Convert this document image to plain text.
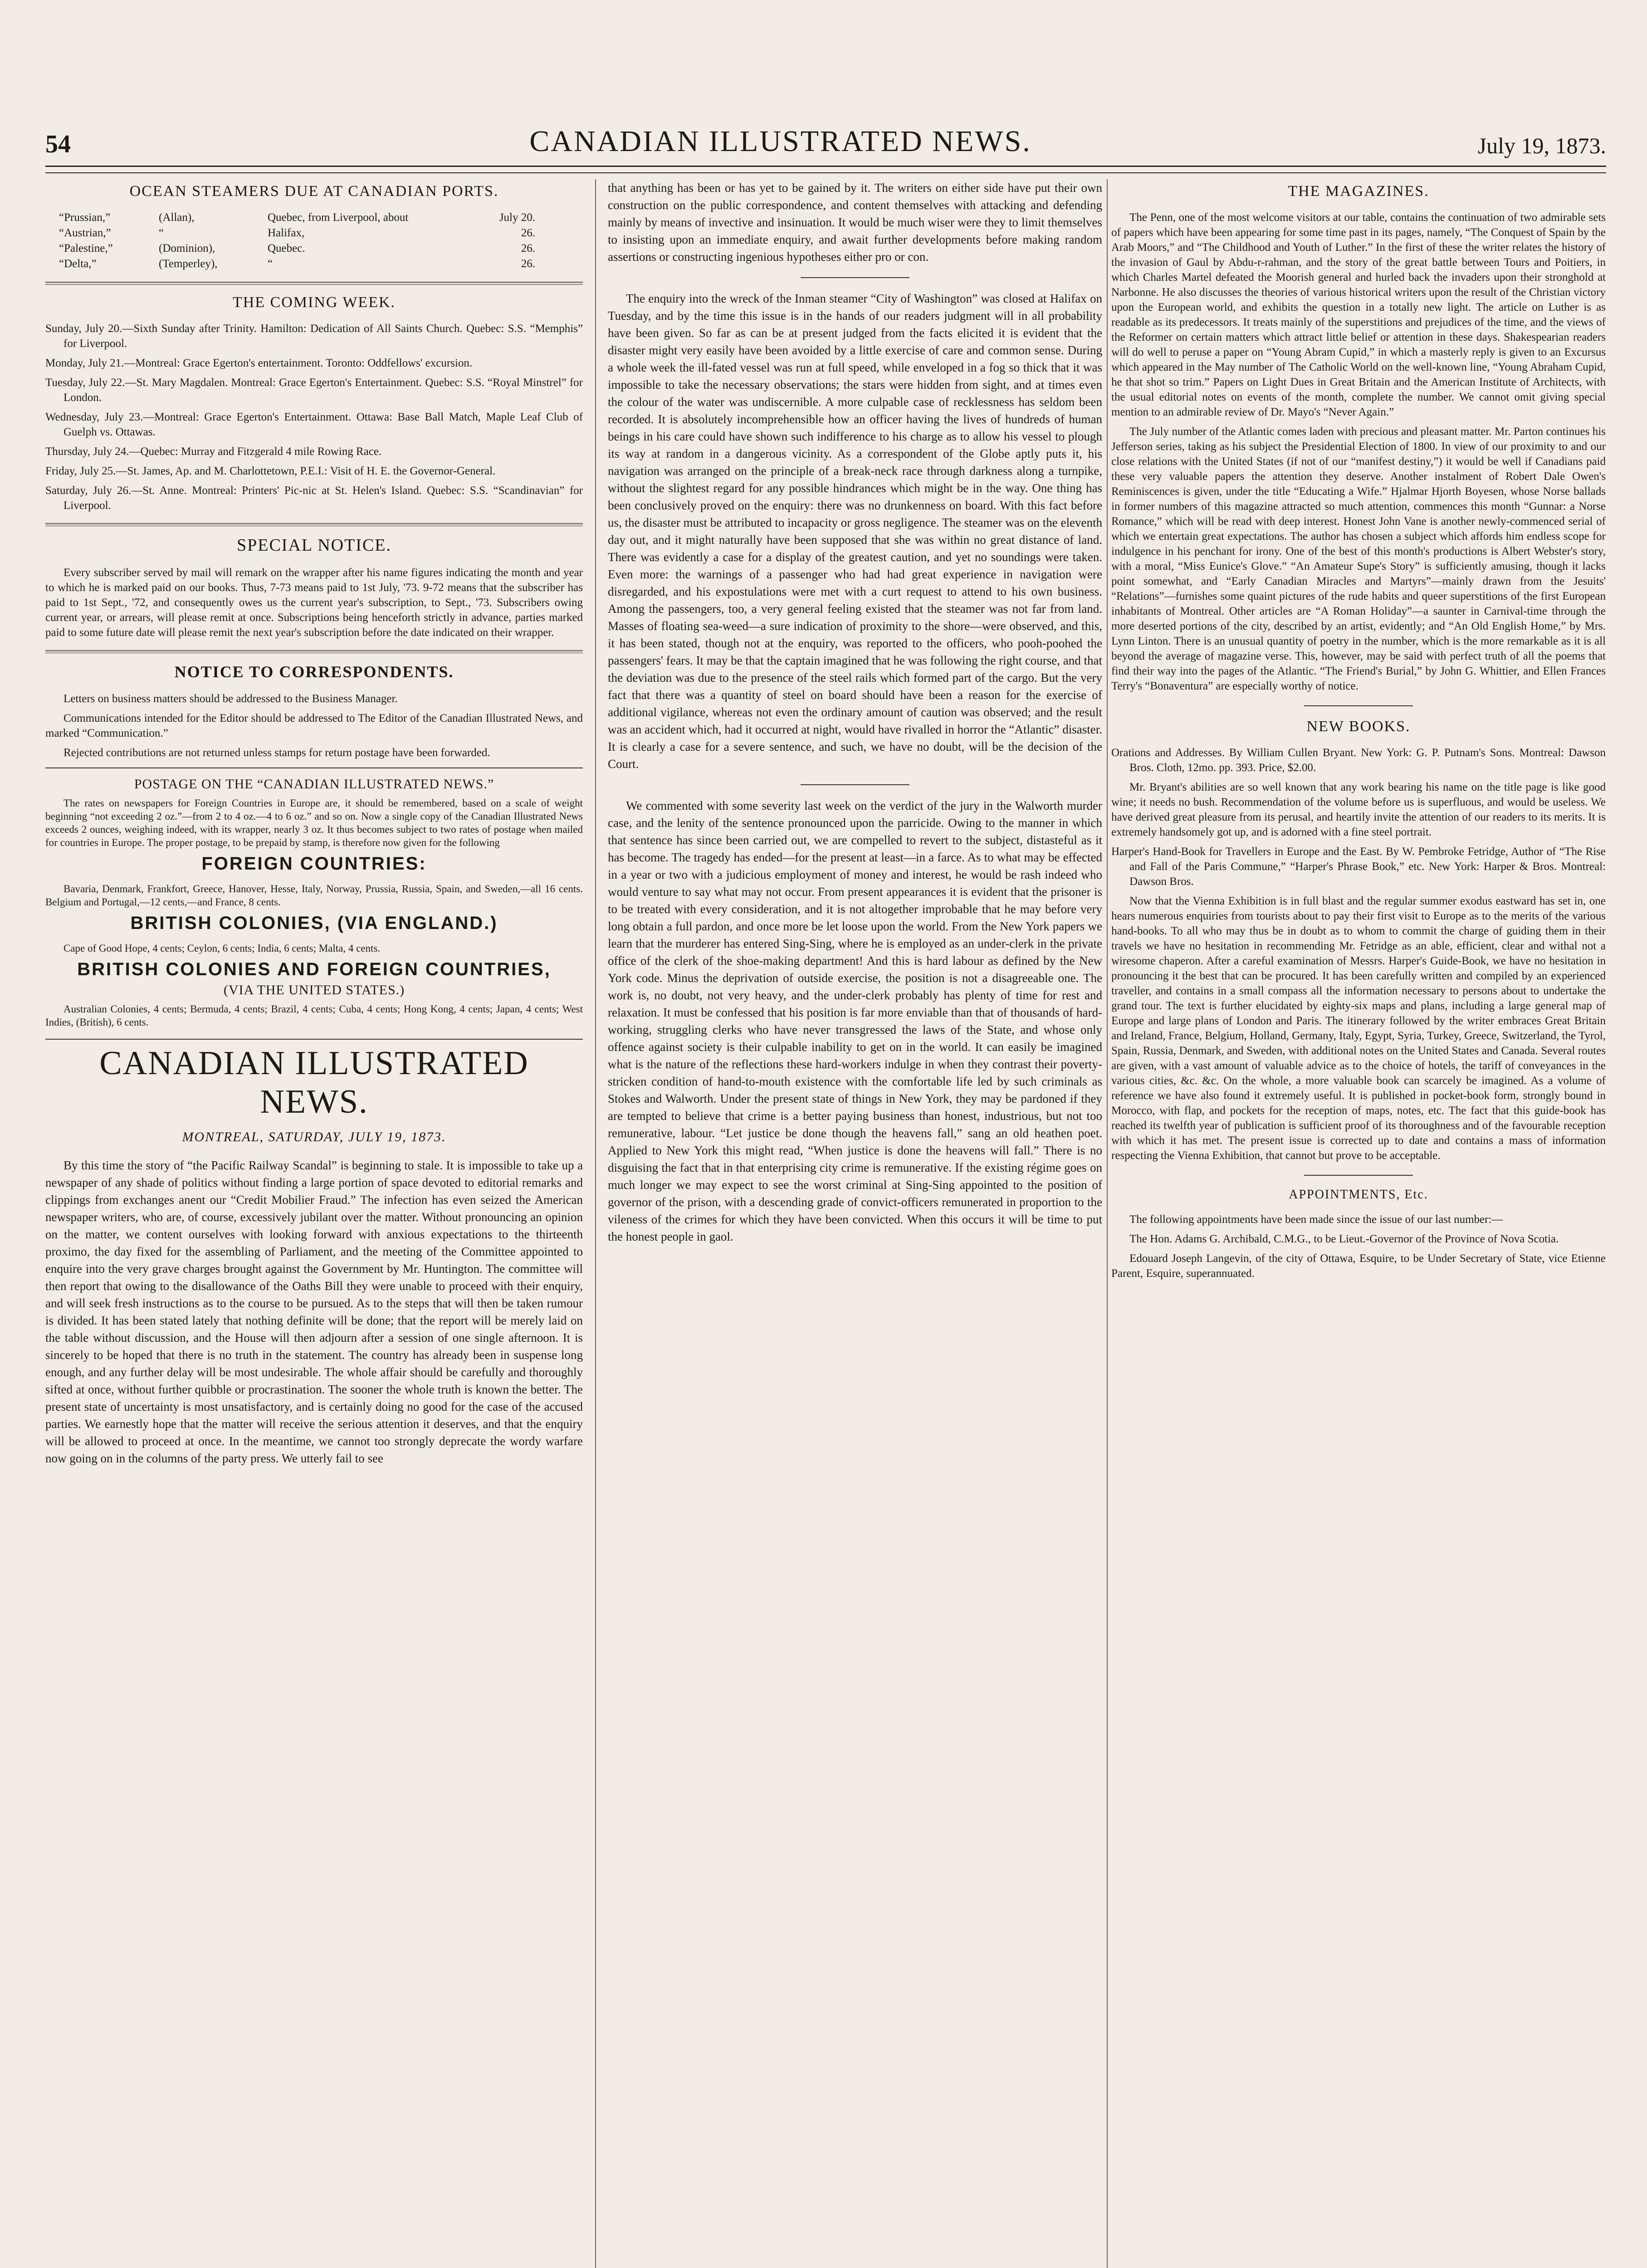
54	CANADIAN ILLUSTRATED NEWS.	July 19, 1873.
OCEAN STEAMERS DUE AT CANADIAN PORTS.
“Prussian,”	(Allan),	Quebec, from Liverpool, about	July 20.
“Austrian,”	“	Halifax,	26.
“Palestine,”	(Dominion),	Quebec.	26.
“Delta,”	(Temperley),	“	26.
THE COMING WEEK.

Sunday, July 20.—Sixth Sunday after Trinity. Hamilton: Dedication of All Saints Church. Quebec: S.S. “Memphis” for Liverpool.

Monday, July 21.—Montreal: Grace Egerton's entertainment. Toronto: Oddfellows' excursion.

Tuesday, July 22.—St. Mary Magdalen. Montreal: Grace Egerton's Entertainment. Quebec: S.S. “Royal Minstrel” for London.

Wednesday, July 23.—Montreal: Grace Egerton's Entertainment. Ottawa: Base Ball Match, Maple Leaf Club of Guelph vs. Ottawas.

Thursday, July 24.—Quebec: Murray and Fitzgerald 4 mile Rowing Race.

Friday, July 25.—St. James, Ap. and M. Charlottetown, P.E.I.: Visit of H. E. the Governor-General.

Saturday, July 26.—St. Anne. Montreal: Printers' Pic-nic at St. Helen's Island. Quebec: S.S. “Scandinavian” for Liverpool.

SPECIAL NOTICE.

Every subscriber served by mail will remark on the wrapper after his name figures indicating the month and year to which he is marked paid on our books. Thus, 7-73 means paid to 1st July, '73. 9-72 means that the subscriber has paid to 1st Sept., '72, and consequently owes us the current year's subscription, to Sept., '73. Subscribers owing current year, or arrears, will please remit at once. Subscriptions being henceforth strictly in advance, parties marked paid to some future date will please remit the next year's subscription before the date indicated on their wrapper.

NOTICE TO CORRESPONDENTS.

Letters on business matters should be addressed to the Business Manager.

Communications intended for the Editor should be addressed to The Editor of the Canadian Illustrated News, and marked “Communication.”

Rejected contributions are not returned unless stamps for return postage have been forwarded.

POSTAGE ON THE “CANADIAN ILLUSTRATED NEWS.”

The rates on newspapers for Foreign Countries in Europe are, it should be remembered, based on a scale of weight beginning “not exceeding 2 oz.”—from 2 to 4 oz.—4 to 6 oz.” and so on. Now a single copy of the Canadian Illustrated News exceeds 2 ounces, weighing indeed, with its wrapper, nearly 3 oz. It thus becomes subject to two rates of postage when mailed for countries in Europe. The proper postage, to be prepaid by stamp, is therefore now given for the following

FOREIGN COUNTRIES:

Bavaria, Denmark, Frankfort, Greece, Hanover, Hesse, Italy, Norway, Prussia, Russia, Spain, and Sweden,—all 16 cents. Belgium and Portugal,—12 cents,—and France, 8 cents.

BRITISH COLONIES, (VIA ENGLAND.)

Cape of Good Hope, 4 cents; Ceylon, 6 cents; India, 6 cents; Malta, 4 cents.

BRITISH COLONIES AND FOREIGN COUNTRIES,
(VIA THE UNITED STATES.)

Australian Colonies, 4 cents; Bermuda, 4 cents; Brazil, 4 cents; Cuba, 4 cents; Hong Kong, 4 cents; Japan, 4 cents; West Indies, (British), 6 cents.

CANADIAN ILLUSTRATED NEWS.
MONTREAL, SATURDAY, JULY 19, 1873.

By this time the story of “the Pacific Railway Scandal” is beginning to stale. It is impossible to take up a newspaper of any shade of politics without finding a large portion of space devoted to editorial remarks and clippings from exchanges anent our “Credit Mobilier Fraud.” The infection has even seized the American newspaper writers, who are, of course, excessively jubilant over the matter. Without pronouncing an opinion on the matter, we content ourselves with looking forward with anxious expectations to the thirteenth proximo, the day fixed for the assembling of Parliament, and the meeting of the Committee appointed to enquire into the very grave charges brought against the Government by Mr. Huntington. The committee will then report that owing to the disallowance of the Oaths Bill they were unable to proceed with their enquiry, and will seek fresh instructions as to the course to be pursued. As to the steps that will then be taken rumour is divided. It has been stated lately that nothing definite will be done; that the report will be merely laid on the table without discussion, and the House will then adjourn after a session of one single afternoon. It is sincerely to be hoped that there is no truth in the statement. The country has already been in suspense long enough, and any further delay will be most undesirable. The whole affair should be carefully and thoroughly sifted at once, without further quibble or procrastination. The sooner the whole truth is known the better. The present state of uncertainty is most unsatisfactory, and is certainly doing no good for the case of the accused parties. We earnestly hope that the matter will receive the serious attention it deserves, and that the enquiry will be allowed to proceed at once. In the meantime, we cannot too strongly deprecate the wordy warfare now going on in the columns of the party press. We utterly fail to see

that anything has been or has yet to be gained by it. The writers on either side have put their own construction on the public correspondence, and content themselves with attacking and defending mainly by means of invective and insinuation. It would be much wiser were they to limit themselves to insisting upon an immediate enquiry, and await further developments before making random assertions or constructing ingenious hypotheses either pro or con.

The enquiry into the wreck of the Inman steamer “City of Washington” was closed at Halifax on Tuesday, and by the time this issue is in the hands of our readers judgment will in all probability have been given. So far as can be at present judged from the facts elicited it is evident that the disaster might very easily have been avoided by a little exercise of care and common sense. During a whole week the ill-fated vessel was run at full speed, while enveloped in a fog so thick that it was impossible to take the necessary observations; the stars were hidden from sight, and at times even the colour of the water was undiscernible. A more culpable case of recklessness has seldom been recorded. It is absolutely incomprehensible how an officer having the lives of hundreds of human beings in his care could have shown such indifference to his charge as to allow his vessel to plough its way at random in a dangerous vicinity. As a correspondent of the Globe aptly puts it, his navigation was arranged on the principle of a break-neck race through darkness along a turnpike, without the slightest regard for any possible hindrances which might be in the way. One thing has been conclusively proved on the enquiry: there was no drunkenness on board. With this fact before us, the disaster must be attributed to incapacity or gross negligence. The steamer was on the eleventh day out, and it might naturally have been supposed that she was within no great distance of land. There was evidently a case for a display of the greatest caution, and yet no soundings were taken. Even more: the warnings of a passenger who had had great experience in navigation were disregarded, and his expostulations were met with a curt request to attend to his own business. Among the passengers, too, a very general feeling existed that the steamer was not far from land. Masses of floating sea-weed—a sure indication of proximity to the shore—were observed, and this, it has been stated, though not at the enquiry, was reported to the officers, who pooh-poohed the passengers' fears. It may be that the captain imagined that he was following the right course, and that the deviation was due to the presence of the steel rails which formed part of the cargo. But the very fact that there was a quantity of steel on board should have been a reason for the exercise of additional vigilance, whereas not even the ordinary amount of caution was observed; and the result was an accident which, had it occurred at night, would have rivalled in horror the “Atlantic” disaster. It is clearly a case for a severe sentence, and such, we have no doubt, will be the decision of the Court.

We commented with some severity last week on the verdict of the jury in the Walworth murder case, and the lenity of the sentence pronounced upon the parricide. Owing to the manner in which that sentence has since been carried out, we are compelled to revert to the subject, distasteful as it has become. The tragedy has ended—for the present at least—in a farce. As to what may be effected in a year or two with a judicious employment of money and interest, he would be rash indeed who would venture to say what may not occur. From present appearances it is evident that the prisoner is to be treated with every consideration, and it is not altogether improbable that he may before very long obtain a full pardon, and once more be let loose upon the world. From the New York papers we learn that the murderer has entered Sing-Sing, where he is employed as an under-clerk in the private office of the clerk of the shoe-making department! And this is hard labour as defined by the New York code. Minus the deprivation of outside exercise, the position is not a disagreeable one. The work is, no doubt, not very heavy, and the under-clerk probably has plenty of time for rest and relaxation. It must be confessed that his position is far more enviable than that of thousands of hard-working, struggling clerks who have never transgressed the laws of the State, and whose only offence against society is their culpable inability to get on in the world. It can easily be imagined what is the nature of the reflections these hard-workers indulge in when they contrast their poverty-stricken condition of hand-to-mouth existence with the comfortable life led by such criminals as Stokes and Walworth. Under the present state of things in New York, they may be pardoned if they are tempted to believe that crime is a better paying business than honest, industrious, but not too remunerative, labour. “Let justice be done though the heavens fall,” sang an old heathen poet. Applied to New York this might read, “When justice is done the heavens will fall.” There is no disguising the fact that in that enterprising city crime is remunerative. If the existing régime goes on much longer we may expect to see the worst criminal at Sing-Sing appointed to the position of governor of the prison, with a descending grade of convict-officers remunerated in proportion to the vileness of the crimes for which they have been convicted. When this occurs it will be time to put the honest people in gaol.

THE MAGAZINES.

The Penn, one of the most welcome visitors at our table, contains the continuation of two admirable sets of papers which have been appearing for some time past in its pages, namely, “The Conquest of Spain by the Arab Moors,” and “The Childhood and Youth of Luther.” In the first of these the writer relates the history of the invasion of Gaul by Abdu-r-rahman, and the story of the great battle between Tours and Poitiers, in which Charles Martel defeated the Moorish general and hurled back the invaders upon their stronghold at Narbonne. He also discusses the theories of various historical writers upon the result of the Christian victory upon the European world, and exhibits the question in a totally new light. The article on Luther is as readable as its predecessors. It treats mainly of the superstitions and prejudices of the time, and the views of the Reformer on certain matters which attract little belief or attention in these days. Shakespearian readers will do well to peruse a paper on “Young Abram Cupid,” in which a masterly reply is given to an Excursus which appeared in the May number of The Catholic World on the well-known line, “Young Abraham Cupid, he that shot so trim.” Papers on Light Dues in Great Britain and the American Institute of Architects, with the usual editorial notes on events of the month, complete the number. We cannot omit giving special mention to an admirable review of Dr. Mayo's “Never Again.”

The July number of the Atlantic comes laden with precious and pleasant matter. Mr. Parton continues his Jefferson series, taking as his subject the Presidential Election of 1800. In view of our proximity to and our close relations with the United States (if not of our “manifest destiny,”) it would be well if Canadians paid these very valuable papers the attention they deserve. Another instalment of Robert Dale Owen's Reminiscences is given, under the title “Educating a Wife.” Hjalmar Hjorth Boyesen, whose Norse ballads in former numbers of this magazine attracted so much attention, commences this month “Gunnar: a Norse Romance,” which will be read with deep interest. Honest John Vane is another newly-commenced serial of which we entertain great expectations. The author has chosen a subject which affords him endless scope for indulgence in his penchant for irony. One of the best of this month's productions is Albert Webster's story, with a moral, “Miss Eunice's Glove.” “An Amateur Supe's Story” is sufficiently amusing, though it lacks point somewhat, and “Early Canadian Miracles and Martyrs”—mainly drawn from the Jesuits' “Relations”—furnishes some quaint pictures of the rude habits and queer superstitions of the first European inhabitants of Montreal. Other articles are “A Roman Holiday”—a saunter in Carnival-time through the more deserted portions of the city, described by an artist, evidently; and “An Old English Home,” by Mrs. Lynn Linton. There is an unusual quantity of poetry in the number, which is the more remarkable as it is all beyond the average of magazine verse. This, however, may be said with perfect truth of all the poems that find their way into the pages of the Atlantic. “The Friend's Burial,” by John G. Whittier, and Ellen Frances Terry's “Bonaventura” are especially worthy of notice.

NEW BOOKS.

Orations and Addresses. By William Cullen Bryant. New York: G. P. Putnam's Sons. Montreal: Dawson Bros. Cloth, 12mo. pp. 393. Price, $2.00.

Mr. Bryant's abilities are so well known that any work bearing his name on the title page is like good wine; it needs no bush. Recommendation of the volume before us is superfluous, and would be useless. We have derived great pleasure from its perusal, and heartily invite the attention of our readers to its merits. It is extremely handsomely got up, and is adorned with a fine steel portrait.

Harper's Hand-Book for Travellers in Europe and the East. By W. Pembroke Fetridge, Author of “The Rise and Fall of the Paris Commune,” “Harper's Phrase Book,” etc. New York: Harper & Bros. Montreal: Dawson Bros.

Now that the Vienna Exhibition is in full blast and the regular summer exodus eastward has set in, one hears numerous enquiries from tourists about to pay their first visit to Europe as to the merits of the various hand-books. To all who may thus be in doubt as to whom to commit the charge of guiding them in their travels we have no hesitation in recommending Mr. Fetridge as an able, efficient, clear and withal not a wiresome chaperon. After a careful examination of Messrs. Harper's Guide-Book, we have no hesitation in pronouncing it the best that can be procured. It has been carefully written and compiled by an experienced traveller, and contains in a small compass all the information necessary to persons about to undertake the grand tour. The text is further elucidated by eighty-six maps and plans, including a large general map of Europe and large plans of London and Paris. The itinerary followed by the writer embraces Great Britain and Ireland, France, Belgium, Holland, Germany, Italy, Egypt, Syria, Turkey, Greece, Switzerland, the Tyrol, Spain, Russia, Denmark, and Sweden, with additional notes on the United States and Canada. Several routes are given, with a vast amount of valuable advice as to the choice of hotels, the tariff of conveyances in the various cities, &c. &c. On the whole, a more valuable book can scarcely be imagined. As a volume of reference we have also found it extremely useful. It is published in pocket-book form, strongly bound in Morocco, with flap, and pockets for the reception of maps, notes, etc. The fact that this guide-book has reached its twelfth year of publication is sufficient proof of its thoroughness and of the favourable reception with which it has met. The present issue is corrected up to date and contains a mass of information respecting the Vienna Exhibition, that cannot but prove to be acceptable.

APPOINTMENTS, Etc.

The following appointments have been made since the issue of our last number:—

The Hon. Adams G. Archibald, C.M.G., to be Lieut.-Governor of the Province of Nova Scotia.

Edouard Joseph Langevin, of the city of Ottawa, Esquire, to be Under Secretary of State, vice Etienne Parent, Esquire, superannuated.
